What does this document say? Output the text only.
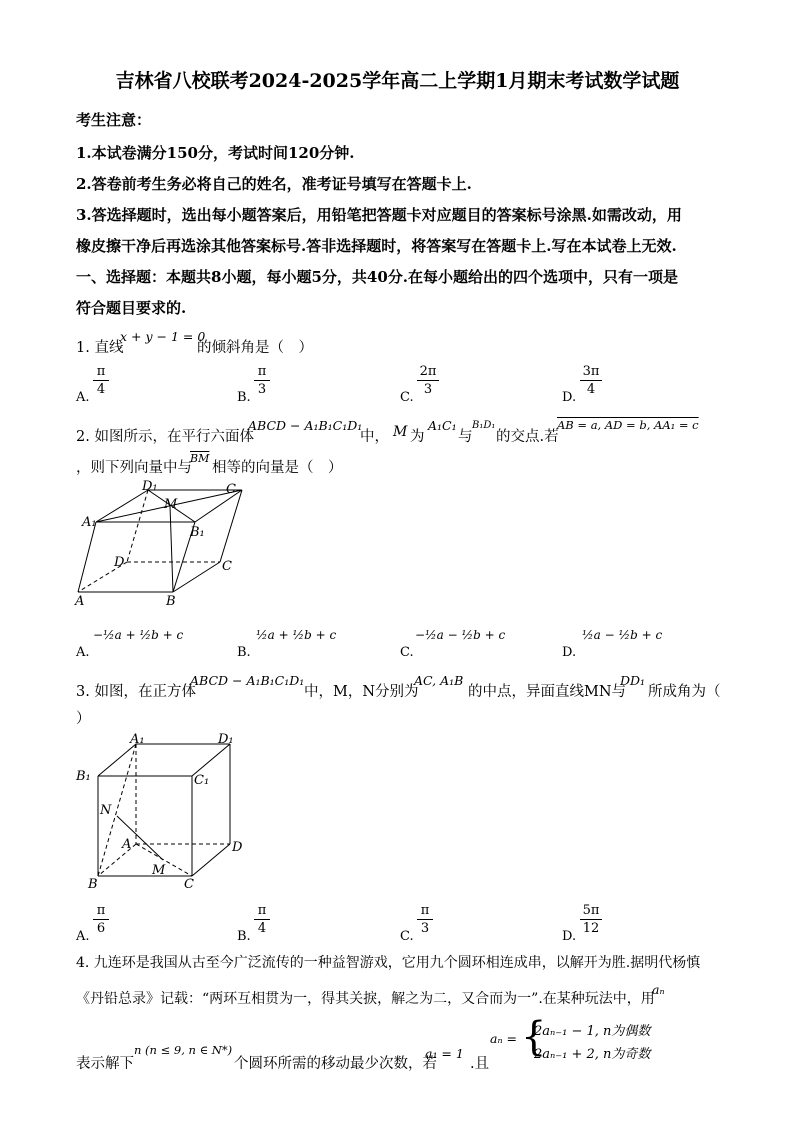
吉林省八校联考2024-2025学年高二上学期1月期末考试数学试题
考生注意：
1.本试卷满分150分，考试时间120分钟.
2.答卷前考生务必将自己的姓名，准考证号填写在答题卡上.
3.答选择题时，选出每小题答案后，用铅笔把答题卡对应题目的答案标号涂黑.如需改动，用
橡皮擦干净后再选涂其他答案标号.答非选择题时，将答案写在答题卡上.写在本试卷上无效.
一、选择题：本题共8小题，每小题5分，共40分.在每小题给出的四个选项中，只有一项是
符合题目要求的.
1. 直线
x + y − 1 = 0
的倾斜角是（　）
A.
π
4
B.
π
3
C.
2π
3
D.
3π
4
2. 如图所示，在平行六面体
ABCD − A₁B₁C₁D₁
中， M 为
A₁C₁
与
B₁D₁
的交点.若
AB = a, AD = b, AA₁ = c
，则下列向量中与
$\overline{BM}$
相等的向量是（　）
D₁	C
M
A₁
B₁
D	C
A	B
A.
−½a + ½b + c
B.
½a + ½b + c
C.
−½a − ½b + c
D.
½a − ½b + c
3. 如图，在正方体
ABCD − A₁B₁C₁D₁
中，M，N分别为
AC, A₁B
的中点，异面直线MN与
DD₁
所成角为（
）
A₁	D₁
B₁	C₁
N
A	D
B
M
C
A.
π
6
B.
π
4
C.
π
3
D.
5π
12
4. 九连环是我国从古至今广泛流传的一种益智游戏，它用九个圆环相连成串，以解开为胜.据明代杨慎
《丹铅总录》记载：“两环互相贯为一，得其关捩，解之为二，又合而为一”.在某种玩法中，用
aₙ
表示解下
n (n ≤ 9, n ∈ N*)
个圆环所需的移动最少次数，若
a₁ = 1
.且
aₙ = {
2aₙ₋₁ − 1, n为偶数
2aₙ₋₁ + 2, n为奇数
